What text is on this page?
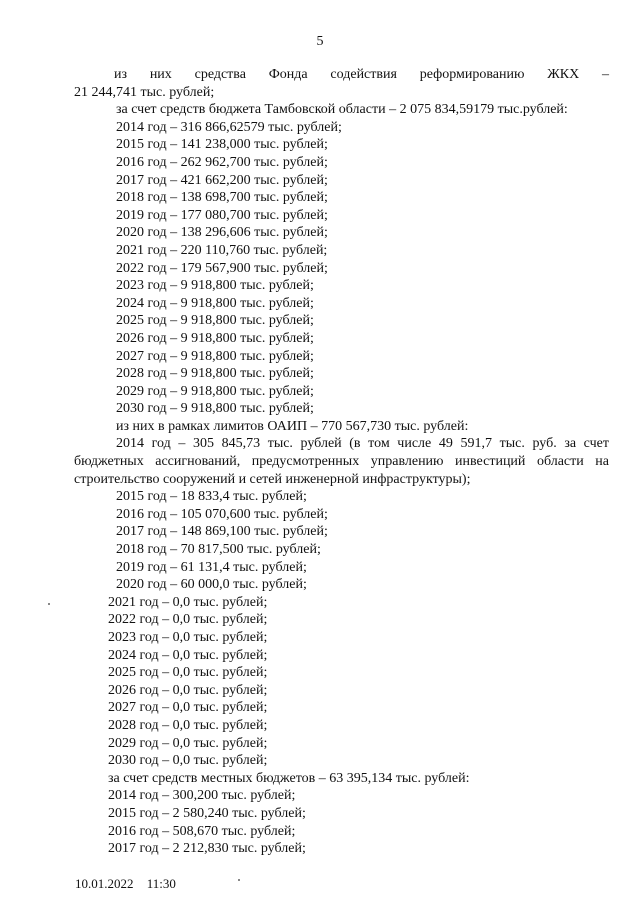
5
из них средства Фонда содействия реформированию ЖКХ –
21 244,741 тыс. рублей;
за счет средств бюджета Тамбовской области – 2 075 834,59179 тыс.рублей:
2014 год – 316 866,62579 тыс. рублей;
2015 год – 141 238,000 тыс. рублей;
2016 год – 262 962,700 тыс. рублей;
2017 год – 421 662,200 тыс. рублей;
2018 год – 138 698,700 тыс. рублей;
2019 год – 177 080,700 тыс. рублей;
2020 год – 138 296,606 тыс. рублей;
2021 год – 220 110,760 тыс. рублей;
2022 год – 179 567,900 тыс. рублей;
2023 год – 9 918,800 тыс. рублей;
2024 год – 9 918,800 тыс. рублей;
2025 год – 9 918,800 тыс. рублей;
2026 год – 9 918,800 тыс. рублей;
2027 год – 9 918,800 тыс. рублей;
2028 год – 9 918,800 тыс. рублей;
2029 год – 9 918,800 тыс. рублей;
2030 год – 9 918,800 тыс. рублей;
из них в рамках лимитов ОАИП – 770 567,730 тыс. рублей:
2014 год – 305 845,73 тыс. рублей (в том числе 49 591,7 тыс. руб. за счет
бюджетных ассигнований, предусмотренных управлению инвестиций области на
строительство сооружений и сетей инженерной инфраструктуры);
2015 год – 18 833,4 тыс. рублей;
2016 год – 105 070,600 тыс. рублей;
2017 год – 148 869,100 тыс. рублей;
2018 год – 70 817,500 тыс. рублей;
2019 год – 61 131,4 тыс. рублей;
2020 год – 60 000,0 тыс. рублей;
2021 год – 0,0 тыс. рублей;
2022 год – 0,0 тыс. рублей;
2023 год – 0,0 тыс. рублей;
2024 год – 0,0 тыс. рублей;
2025 год – 0,0 тыс. рублей;
2026 год – 0,0 тыс. рублей;
2027 год – 0,0 тыс. рублей;
2028 год – 0,0 тыс. рублей;
2029 год – 0,0 тыс. рублей;
2030 год – 0,0 тыс. рублей;
за счет средств местных бюджетов – 63 395,134 тыс. рублей:
2014 год – 300,200 тыс. рублей;
2015 год – 2 580,240 тыс. рублей;
2016 год – 508,670 тыс. рублей;
2017 год – 2 212,830 тыс. рублей;
10.01.2022 11:30
